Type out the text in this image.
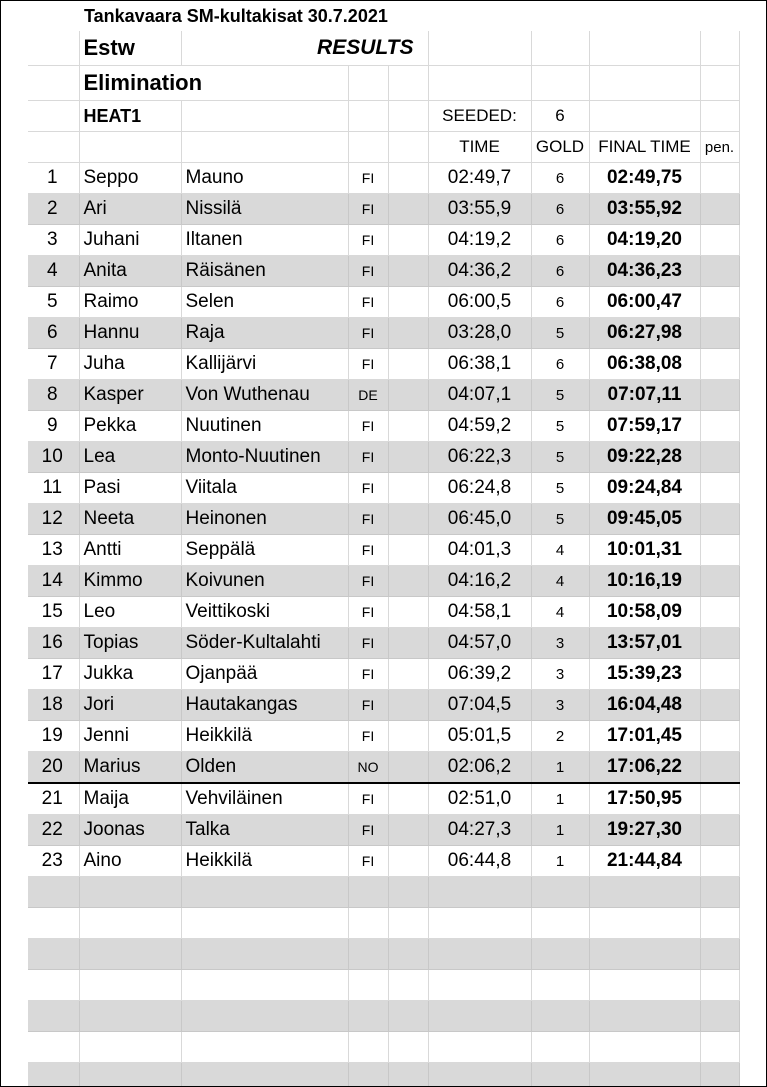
Tankavaara SM-kultakisat 30.7.2021
	Estw	RESULTS						
	Elimination							
	HEAT1				SEEDED:	6		
					TIME	GOLD	FINAL TIME	pen.
1	Seppo	Mauno	FI		02:49,7	6	02:49,75	
2	Ari	Nissilä	FI		03:55,9	6	03:55,92	
3	Juhani	Iltanen	FI		04:19,2	6	04:19,20	
4	Anita	Räisänen	FI		04:36,2	6	04:36,23	
5	Raimo	Selen	FI		06:00,5	6	06:00,47	
6	Hannu	Raja	FI		03:28,0	5	06:27,98	
7	Juha	Kallijärvi	FI		06:38,1	6	06:38,08	
8	Kasper	Von Wuthenau	DE		04:07,1	5	07:07,11	
9	Pekka	Nuutinen	FI		04:59,2	5	07:59,17	
10	Lea	Monto-Nuutinen	FI		06:22,3	5	09:22,28	
11	Pasi	Viitala	FI		06:24,8	5	09:24,84	
12	Neeta	Heinonen	FI		06:45,0	5	09:45,05	
13	Antti	Seppälä	FI		04:01,3	4	10:01,31	
14	Kimmo	Koivunen	FI		04:16,2	4	10:16,19	
15	Leo	Veittikoski	FI		04:58,1	4	10:58,09	
16	Topias	Söder-Kultalahti	FI		04:57,0	3	13:57,01	
17	Jukka	Ojanpää	FI		06:39,2	3	15:39,23	
18	Jori	Hautakangas	FI		07:04,5	3	16:04,48	
19	Jenni	Heikkilä	FI		05:01,5	2	17:01,45	
20	Marius	Olden	NO		02:06,2	1	17:06,22	
21	Maija	Vehviläinen	FI		02:51,0	1	17:50,95	
22	Joonas	Talka	FI		04:27,3	1	19:27,30	
23	Aino	Heikkilä	FI		06:44,8	1	21:44,84	
